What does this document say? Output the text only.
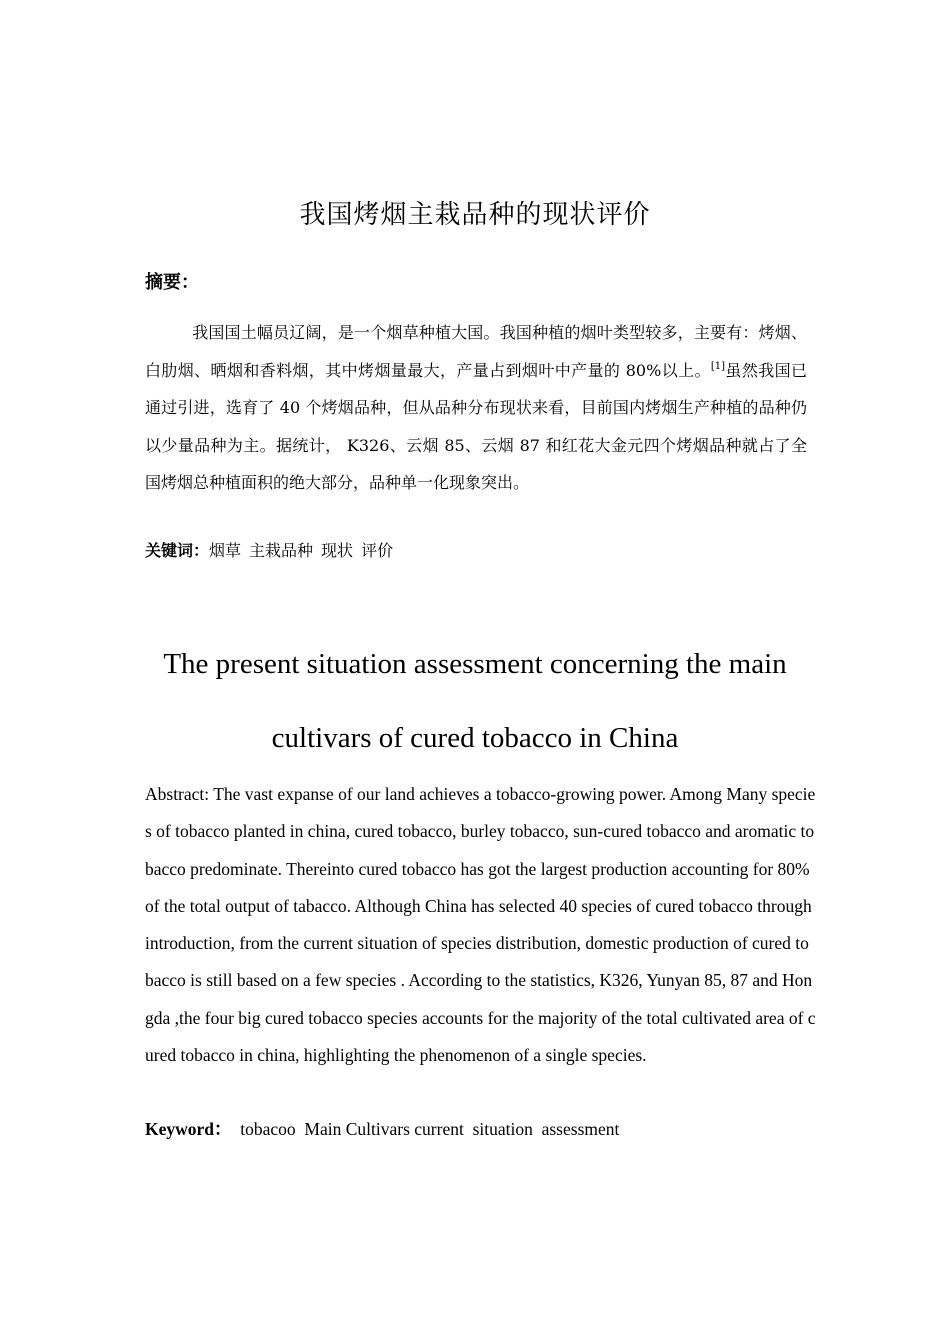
我国烤烟主栽品种的现状评价
摘要：
我国国土幅员辽阔，是一个烟草种植大国。我国种植的烟叶类型较多，主要有：烤烟、白肋烟、晒烟和香料烟，其中烤烟量最大，产量占到烟叶中产量的 80%以上。[1]虽然我国已通过引进，选育了 40 个烤烟品种，但从品种分布现状来看，目前国内烤烟生产种植的品种仍以少量品种为主。据统计， K326、云烟 85、云烟 87 和红花大金元四个烤烟品种就占了全国烤烟总种植面积的绝大部分，品种单一化现象突出。
关键词：烟草 主栽品种 现状 评价
The present situation assessment concerning the main
cultivars of cured tobacco in China
Abstract: The vast expanse of our land achieves a tobacco-growing power. Among Many species of tobacco planted in china, cured tobacco, burley tobacco, sun-cured tobacco and aromatic tobacco predominate. Thereinto cured tobacco has got the largest production accounting for 80% of the total output of tabacco. Although China has selected 40 species of cured tobacco through introduction, from the current situation of species distribution, domestic production of cured tobacco is still based on a few species . According to the statistics, K326, Yunyan 85, 87 and Hongda ,the four big cured tobacco species accounts for the majority of the total cultivated area of cured tobacco in china, highlighting the phenomenon of a single species.
Keyword：  tobacoo  Main Cultivars current  situation  assessment
